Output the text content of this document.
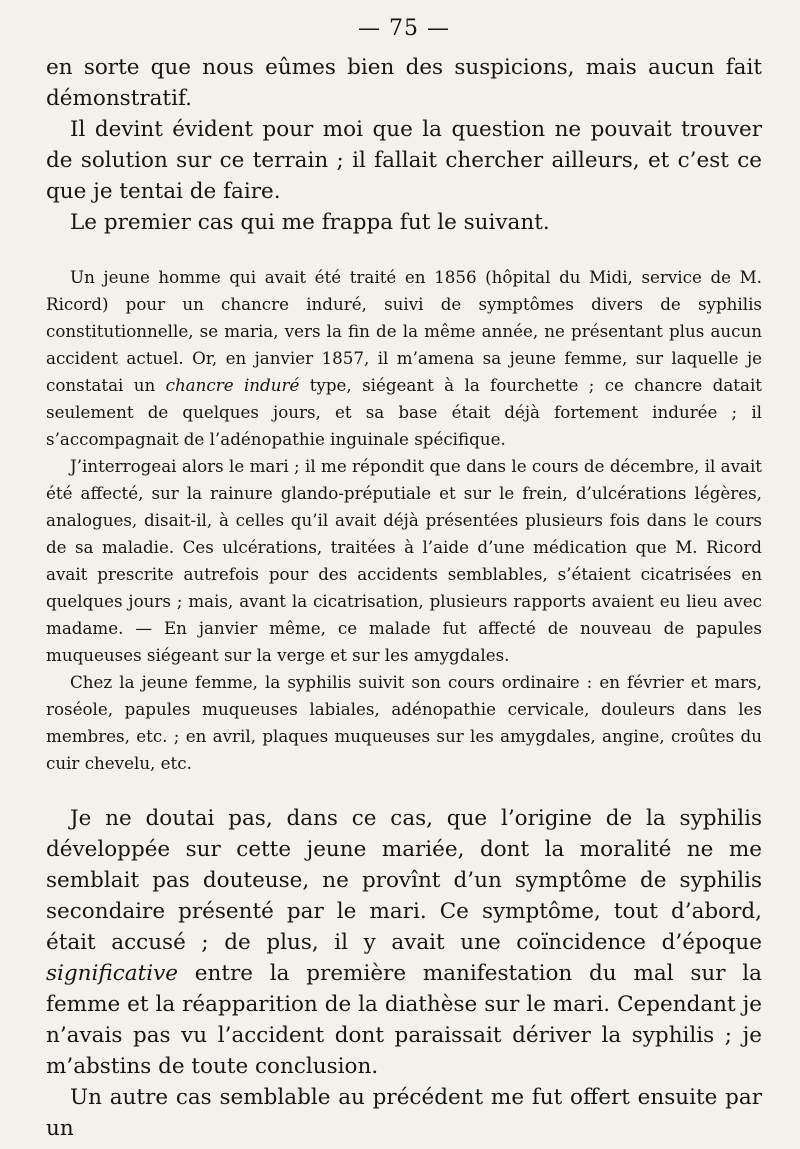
— 75 —

en sorte que nous eûmes bien des suspicions, mais aucun fait démonstratif.

Il devint évident pour moi que la question ne pouvait trouver de solution sur ce terrain ; il fallait chercher ailleurs, et c’est ce que je tentai de faire.

Le premier cas qui me frappa fut le suivant.

Un jeune homme qui avait été traité en 1856 (hôpital du Midi, service de M. Ricord) pour un chancre induré, suivi de symptômes divers de syphilis constitutionnelle, se maria, vers la fin de la même année, ne présentant plus aucun accident actuel. Or, en janvier 1857, il m’amena sa jeune femme, sur laquelle je constatai un chancre induré type, siégeant à la fourchette ; ce chancre datait seulement de quelques jours, et sa base était déjà fortement indurée ; il s’accompagnait de l’adénopathie inguinale spécifique.

J’interrogeai alors le mari ; il me répondit que dans le cours de décembre, il avait été affecté, sur la rainure glando-préputiale et sur le frein, d’ulcérations légères, analogues, disait-il, à celles qu’il avait déjà présentées plusieurs fois dans le cours de sa maladie. Ces ulcérations, traitées à l’aide d’une médication que M. Ricord avait prescrite autrefois pour des accidents semblables, s’étaient cicatrisées en quelques jours ; mais, avant la cicatrisation, plusieurs rapports avaient eu lieu avec madame. — En janvier même, ce malade fut affecté de nouveau de papules muqueuses siégeant sur la verge et sur les amygdales.

Chez la jeune femme, la syphilis suivit son cours ordinaire : en février et mars, roséole, papules muqueuses labiales, adénopathie cervicale, douleurs dans les membres, etc. ; en avril, plaques muqueuses sur les amygdales, angine, croûtes du cuir chevelu, etc.

Je ne doutai pas, dans ce cas, que l’origine de la syphilis développée sur cette jeune mariée, dont la moralité ne me semblait pas douteuse, ne provînt d’un symptôme de syphilis secondaire présenté par le mari. Ce symptôme, tout d’abord, était accusé ; de plus, il y avait une coïncidence d’époque significative entre la première manifestation du mal sur la femme et la réapparition de la diathèse sur le mari. Cependant je n’avais pas vu l’accident dont paraissait dériver la syphilis ; je m’abstins de toute conclusion.

Un autre cas semblable au précédent me fut offert ensuite par un
